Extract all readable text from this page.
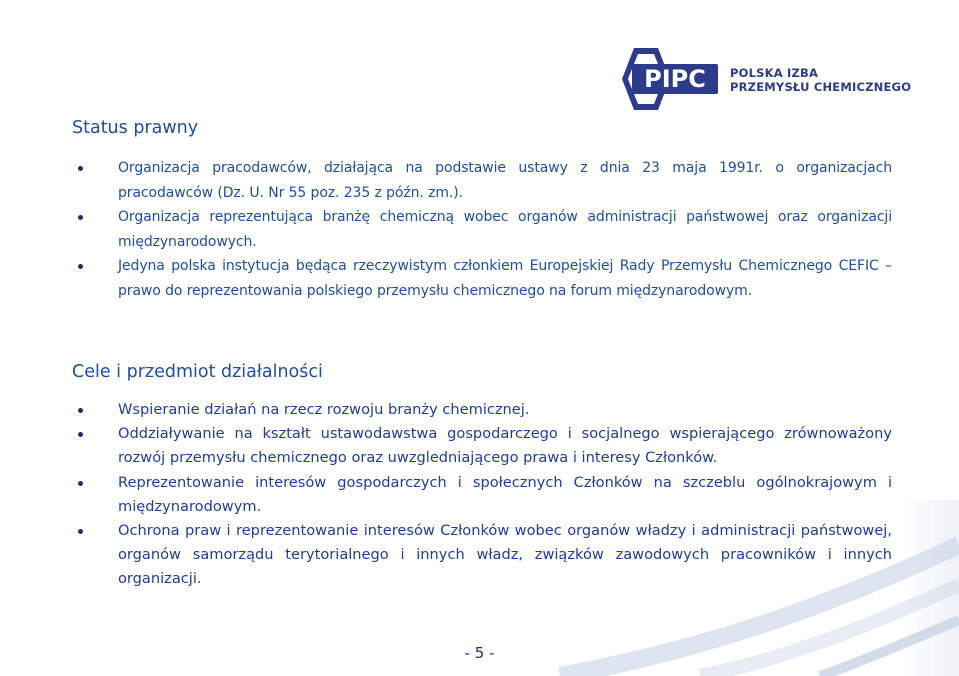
PIPC POLSKA IZBA
PRZEMYSŁU CHEMICZNEGO
Status prawny
Organizacja pracodawców, działająca na podstawie ustawy z dnia 23 maja 1991r. o organizacjach pracodawców (Dz. U. Nr 55 poz. 235 z późn. zm.).
Organizacja reprezentująca branżę chemiczną wobec organów administracji państwowej oraz organizacji międzynarodowych.
Jedyna polska instytucja będąca rzeczywistym członkiem Europejskiej Rady Przemysłu Chemicznego CEFIC – prawo do reprezentowania polskiego przemysłu chemicznego na forum międzynarodowym.
Cele i przedmiot działalności
Wspieranie działań na rzecz rozwoju branży chemicznej.
Oddziaływanie na kształt ustawodawstwa gospodarczego i socjalnego wspierającego zrównoważony rozwój przemysłu chemicznego oraz uwzgledniającego prawa i interesy Członków.
Reprezentowanie interesów gospodarczych i społecznych Członków na szczeblu ogólnokrajowym i międzynarodowym.
Ochrona praw i reprezentowanie interesów Członków wobec organów władzy i administracji państwowej, organów samorządu terytorialnego i innych władz, związków zawodowych pracowników i innych organizacji.
- 5 -
